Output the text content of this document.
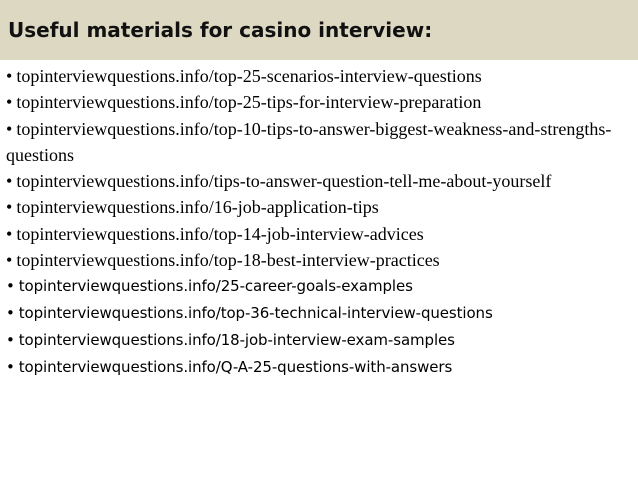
Useful materials for casino interview:
• topinterviewquestions.info/top-25-scenarios-interview-questions
• topinterviewquestions.info/top-25-tips-for-interview-preparation
• topinterviewquestions.info/top-10-tips-to-answer-biggest-weakness-and-strengths-questions
• topinterviewquestions.info/tips-to-answer-question-tell-me-about-yourself
• topinterviewquestions.info/16-job-application-tips
• topinterviewquestions.info/top-14-job-interview-advices
• topinterviewquestions.info/top-18-best-interview-practices
• topinterviewquestions.info/25-career-goals-examples
• topinterviewquestions.info/top-36-technical-interview-questions
• topinterviewquestions.info/18-job-interview-exam-samples
• topinterviewquestions.info/Q-A-25-questions-with-answers
